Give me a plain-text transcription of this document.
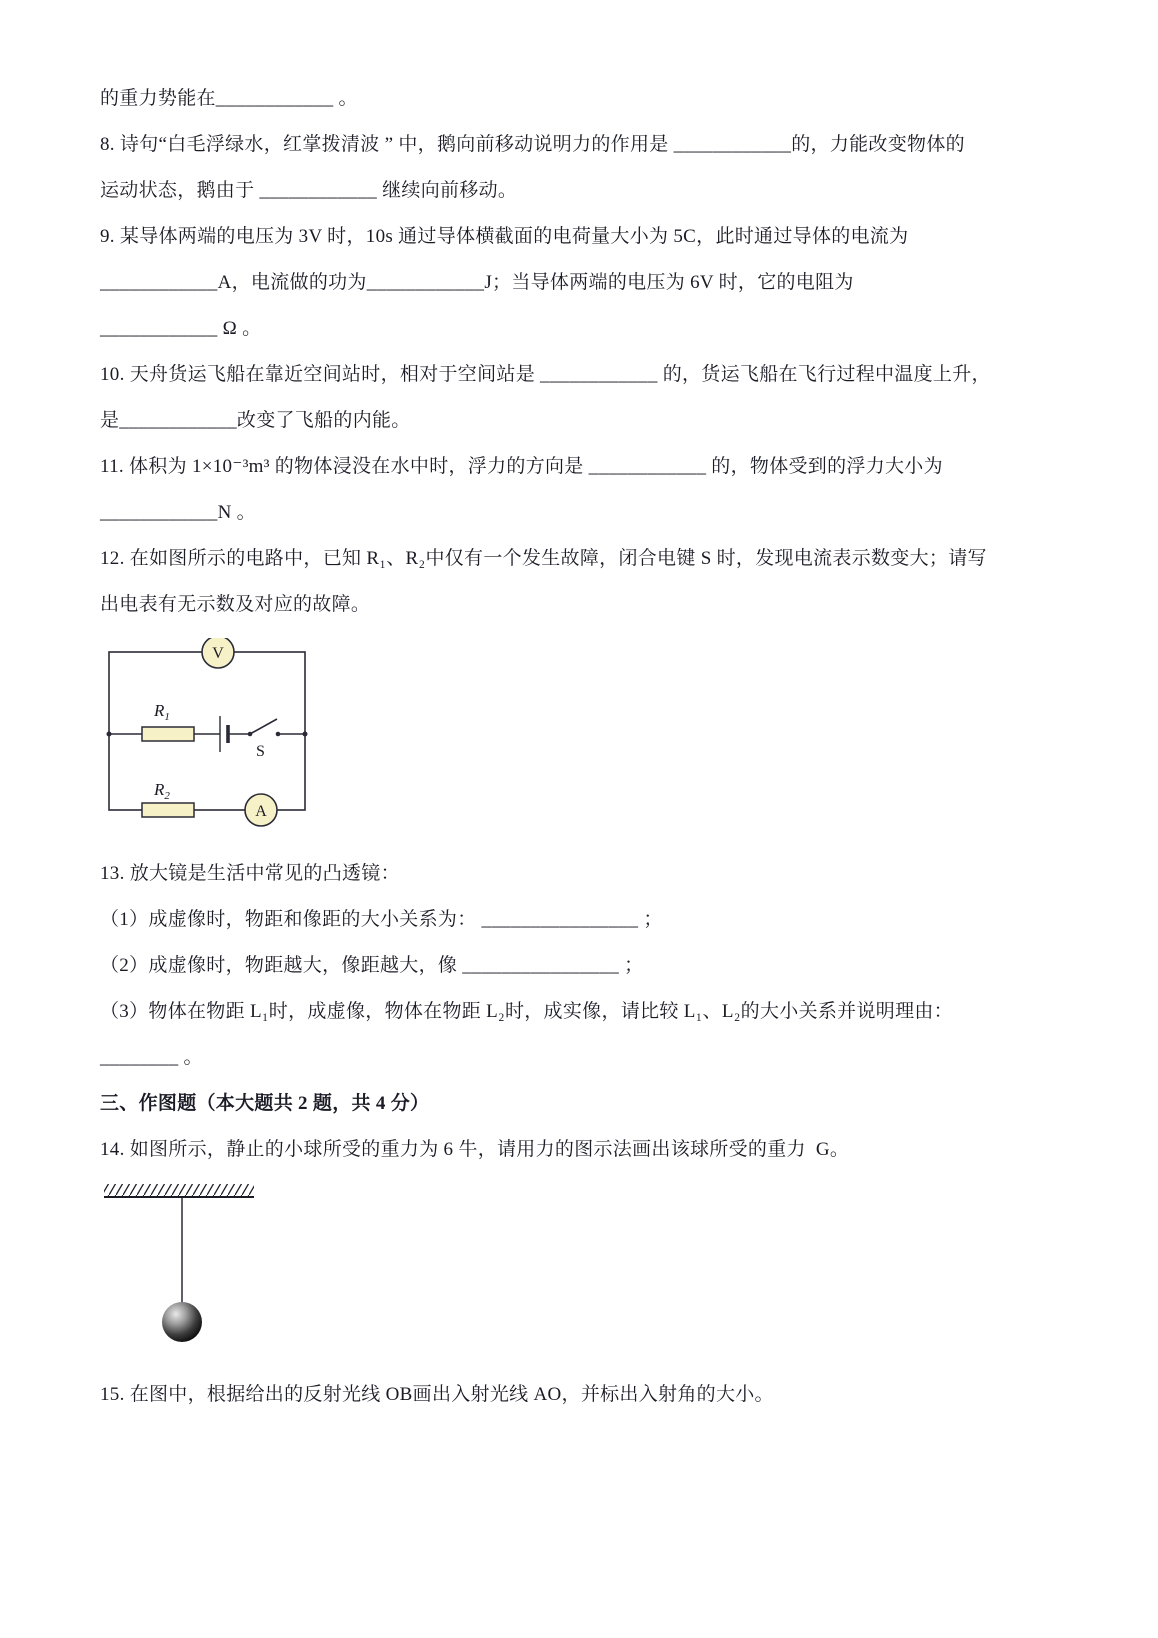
的重力势能在____________ 。

8. 诗句“白毛浮绿水，红掌拨清波 ” 中，鹅向前移动说明力的作用是 ____________的，力能改变物体的

运动状态，鹅由于 ____________ 继续向前移动。

9. 某导体两端的电压为 3V 时，10s 通过导体横截面的电荷量大小为 5C，此时通过导体的电流为

____________A，电流做的功为____________J；当导体两端的电压为 6V 时，它的电阻为

____________ Ω 。

10. 天舟货运飞船在靠近空间站时，相对于空间站是 ____________ 的，货运飞船在飞行过程中温度上升，

是____________改变了飞船的内能。

11. 体积为 1×10⁻³m³ 的物体浸没在水中时，浮力的方向是 ____________ 的，物体受到的浮力大小为

____________N 。

12. 在如图所示的电路中，已知 R₁、R₂中仅有一个发生故障，闭合电键 S 时，发现电流表示数变大；请写

出电表有无示数及对应的故障。

$R_1$
S
$R_2$
V
A

13. 放大镜是生活中常见的凸透镜：

（1）成虚像时，物距和像距的大小关系为： ________________ ；

（2）成虚像时，物距越大，像距越大，像 ________________ ；

（3）物体在物距 L₁时，成虚像，物体在物距 L₂时，成实像，请比较 L₁、L₂的大小关系并说明理由：

________ 。

三、作图题（本大题共 2 题，共 4 分）

14. 如图所示，静止的小球所受的重力为 6 牛，请用力的图示法画出该球所受的重力  G。

15. 在图中，根据给出的反射光线 OB画出入射光线 AO，并标出入射角的大小。
